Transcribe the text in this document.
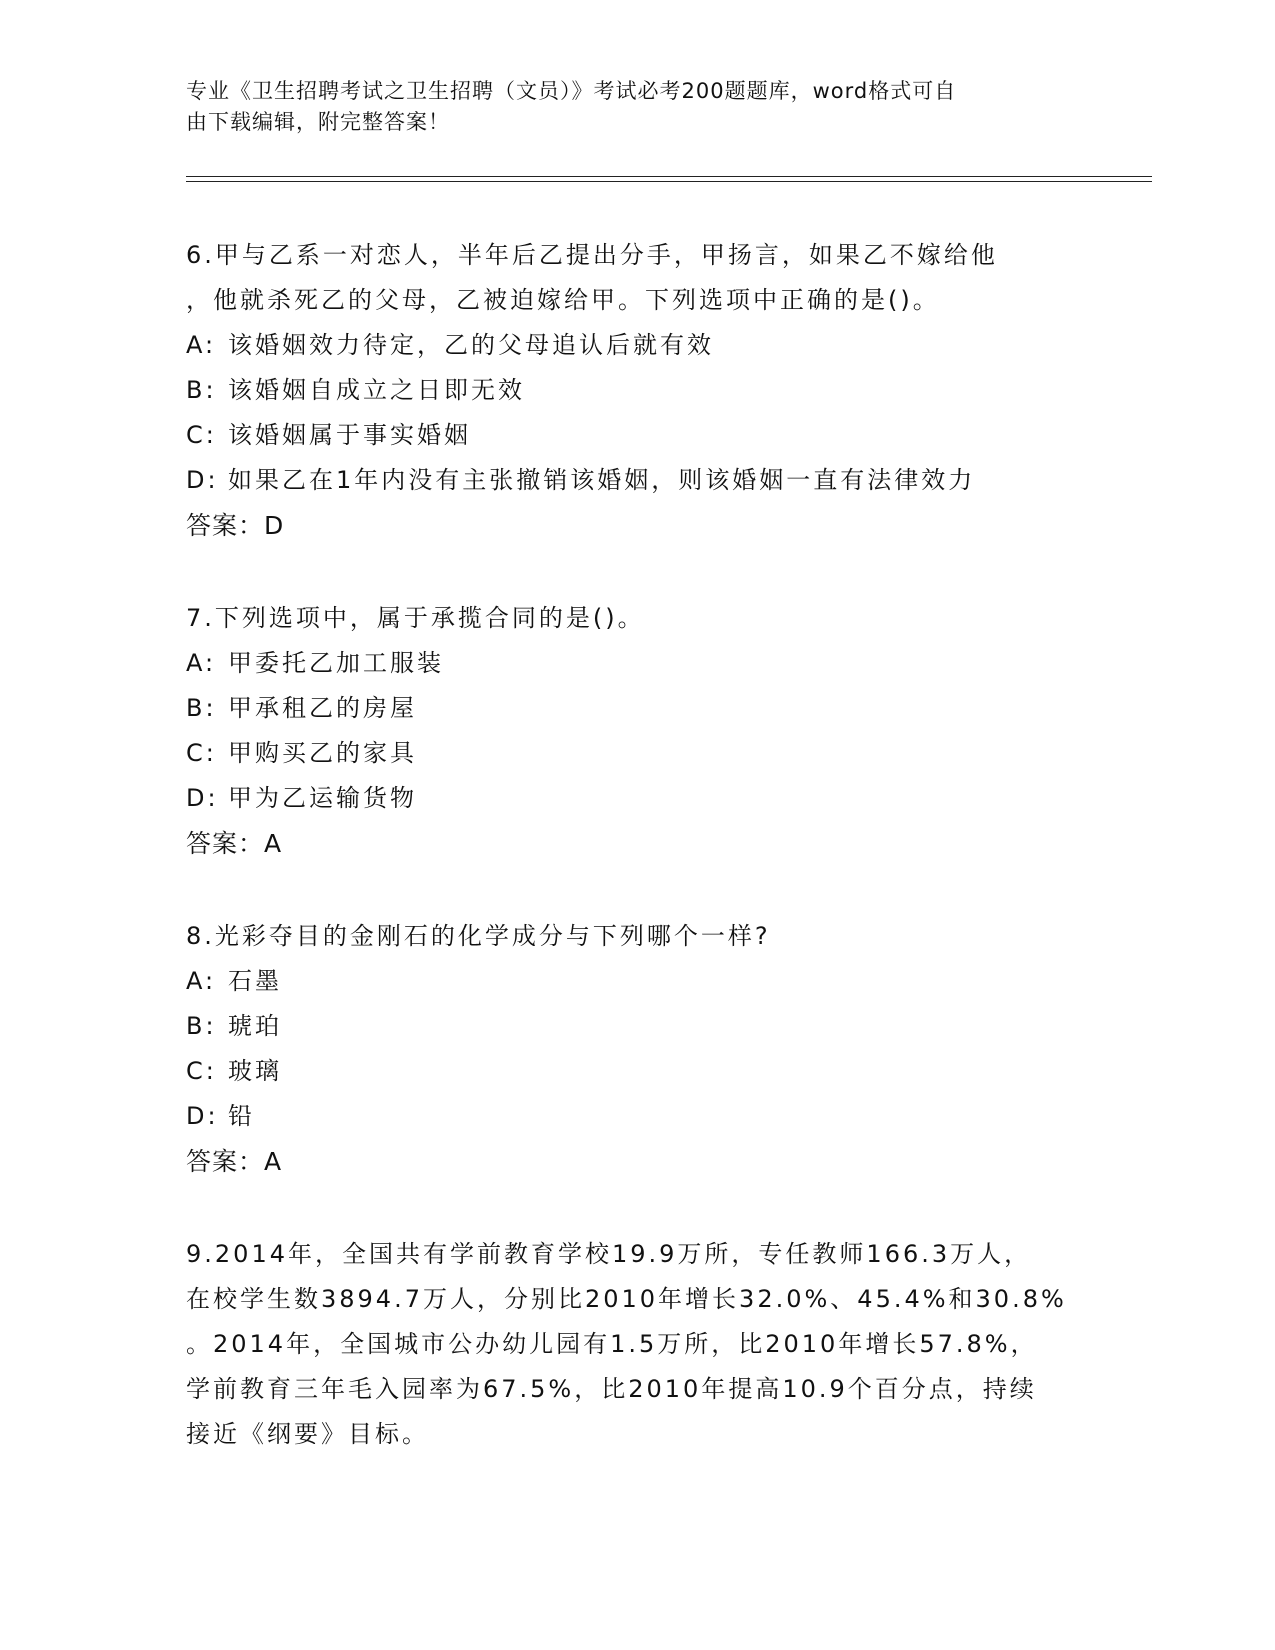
专业《卫生招聘考试之卫生招聘（文员）》考试必考200题题库，word格式可自
由下载编辑，附完整答案！

6.甲与乙系一对恋人，半年后乙提出分手，甲扬言，如果乙不嫁给他

，他就杀死乙的父母，乙被迫嫁给甲。下列选项中正确的是()。

A: 该婚姻效力待定，乙的父母追认后就有效

B: 该婚姻自成立之日即无效

C: 该婚姻属于事实婚姻

D: 如果乙在1年内没有主张撤销该婚姻，则该婚姻一直有法律效力

答案：D

7.下列选项中，属于承揽合同的是()。

A: 甲委托乙加工服装

B: 甲承租乙的房屋

C: 甲购买乙的家具

D: 甲为乙运输货物

答案：A

8.光彩夺目的金刚石的化学成分与下列哪个一样?

A: 石墨

B: 琥珀

C: 玻璃

D: 铅

答案：A

9.2014年，全国共有学前教育学校19.9万所，专任教师166.3万人，

在校学生数3894.7万人，分别比2010年增长32.0%、45.4%和30.8%

。2014年，全国城市公办幼儿园有1.5万所，比2010年增长57.8%，

学前教育三年毛入园率为67.5%，比2010年提高10.9个百分点，持续

接近《纲要》目标。
